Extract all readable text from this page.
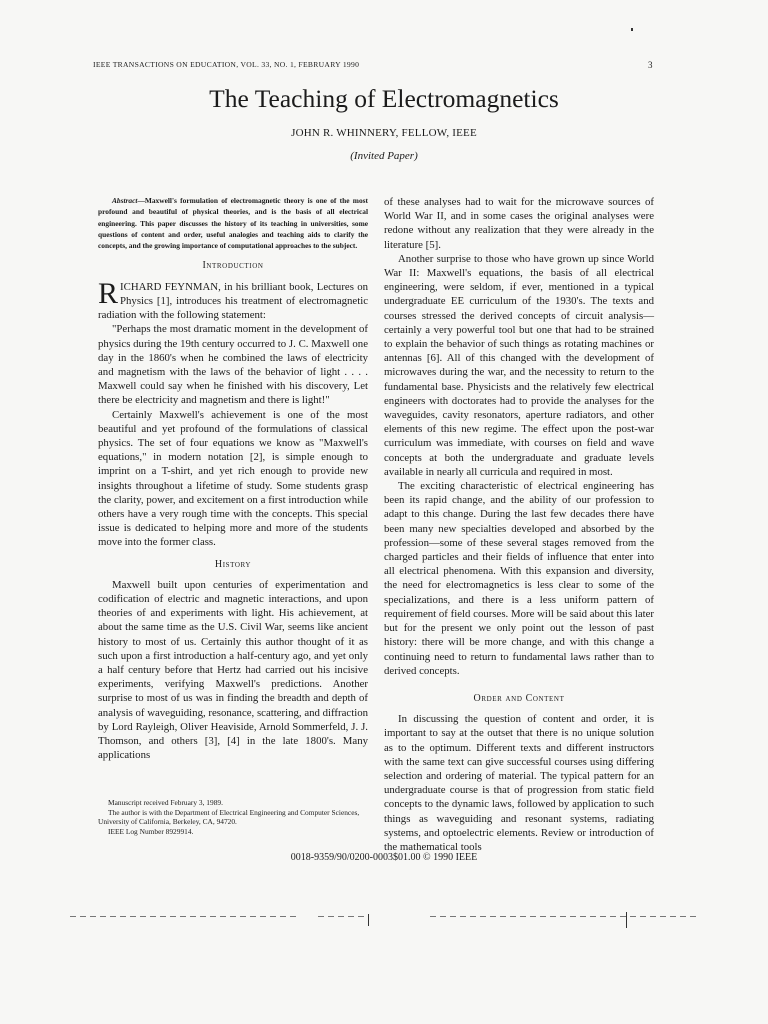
IEEE TRANSACTIONS ON EDUCATION, VOL. 33, NO. 1, FEBRUARY 1990	3
The Teaching of Electromagnetics
JOHN R. WHINNERY, FELLOW, IEEE
(Invited Paper)

Abstract—Maxwell's formulation of electromagnetic theory is one of the most profound and beautiful of physical theories, and is the basis of all electrical engineering. This paper discusses the history of its teaching in universities, some questions of content and order, useful analogies and teaching aids to clarify the concepts, and the growing importance of computational approaches to the subject.

Introduction

RICHARD FEYNMAN, in his brilliant book, Lectures on Physics [1], introduces his treatment of electromagnetic radiation with the following statement:

"Perhaps the most dramatic moment in the development of physics during the 19th century occurred to J. C. Maxwell one day in the 1860's when he combined the laws of electricity and magnetism with the laws of the behavior of light . . . . Maxwell could say when he finished with his discovery, Let there be electricity and magnetism and there is light!"

Certainly Maxwell's achievement is one of the most beautiful and yet profound of the formulations of classical physics. The set of four equations we know as "Maxwell's equations," in modern notation [2], is simple enough to imprint on a T-shirt, and yet rich enough to provide new insights throughout a lifetime of study. Some students grasp the clarity, power, and excitement on a first introduction while others have a very rough time with the concepts. This special issue is dedicated to helping more and more of the students move into the former class.

History

Maxwell built upon centuries of experimentation and codification of electric and magnetic interactions, and upon theories of and experiments with light. His achievement, at about the same time as the U.S. Civil War, seems like ancient history to most of us. Certainly this author thought of it as such upon a first introduction a half-century ago, and yet only a half century before that Hertz had carried out his incisive experiments, verifying Maxwell's predictions. Another surprise to most of us was in finding the breadth and depth of analysis of waveguiding, resonance, scattering, and diffraction by Lord Rayleigh, Oliver Heaviside, Arnold Sommerfeld, J. J. Thomson, and others [3], [4] in the late 1800's. Many applications

of these analyses had to wait for the microwave sources of World War II, and in some cases the original analyses were redone without any realization that they were already in the literature [5].

Another surprise to those who have grown up since World War II: Maxwell's equations, the basis of all electrical engineering, were seldom, if ever, mentioned in a typical undergraduate EE curriculum of the 1930's. The texts and courses stressed the derived concepts of circuit analysis—certainly a very powerful tool but one that had to be strained to explain the behavior of such things as rotating machines or antennas [6]. All of this changed with the development of microwaves during the war, and the necessity to return to the fundamental base. Physicists and the relatively few electrical engineers with doctorates had to provide the analyses for the waveguides, cavity resonators, aperture radiators, and other elements of this new regime. The effect upon the post-war curriculum was immediate, with courses on field and wave concepts at both the undergraduate and graduate levels available in nearly all curricula and required in most.

The exciting characteristic of electrical engineering has been its rapid change, and the ability of our profession to adapt to this change. During the last few decades there have been many new specialties developed and absorbed by the profession—some of these several stages removed from the charged particles and their fields of influence that enter into all electrical phenomena. With this expansion and diversity, the need for electromagnetics is less clear to some of the specializations, and there is a less uniform pattern of requirement of field courses. More will be said about this later but for the present we only point out the lesson of past history: there will be more change, and with this change a continuing need to return to fundamental laws rather than to derived concepts.

Order and Content

In discussing the question of content and order, it is important to say at the outset that there is no unique solution as to the optimum. Different texts and different instructors with the same text can give successful courses using differing selection and ordering of material. The typical pattern for an undergraduate course is that of progression from static field concepts to the dynamic laws, followed by application to such things as waveguiding and resonant systems, radiating systems, and optoelectric elements. Review or introduction of the mathematical tools

Manuscript received February 3, 1989.

The author is with the Department of Electrical Engineering and Computer Sciences, University of California, Berkeley, CA, 94720.

IEEE Log Number 8929914.

0018-9359/90/0200-0003$01.00 © 1990 IEEE
